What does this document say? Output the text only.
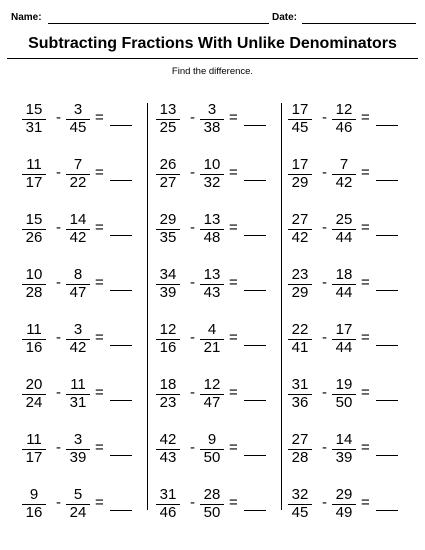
Name:	Date:
Subtracting Fractions With Unlike Denominators
Find the difference.
15
31
- 3
45
=
11
17
- 7
22
=
15
26
- 14
42
=
10
28
- 8
47
=
11
16
- 3
42
=
20
24
- 11
31
=
11
17
- 3
39
=
9
16
- 5
24
=
13
25
- 3
38
=
26
27
- 10
32
=
29
35
- 13
48
=
34
39
- 13
43
=
12
16
- 4
21
=
18
23
- 12
47
=
42
43
- 9
50
=
31
46
- 28
50
=
17
45
- 12
46
=
17
29
- 7
42
=
27
42
- 25
44
=
23
29
- 18
44
=
22
41
- 17
44
=
31
36
- 19
50
=
27
28
- 14
39
=
32
45
- 29
49
=
